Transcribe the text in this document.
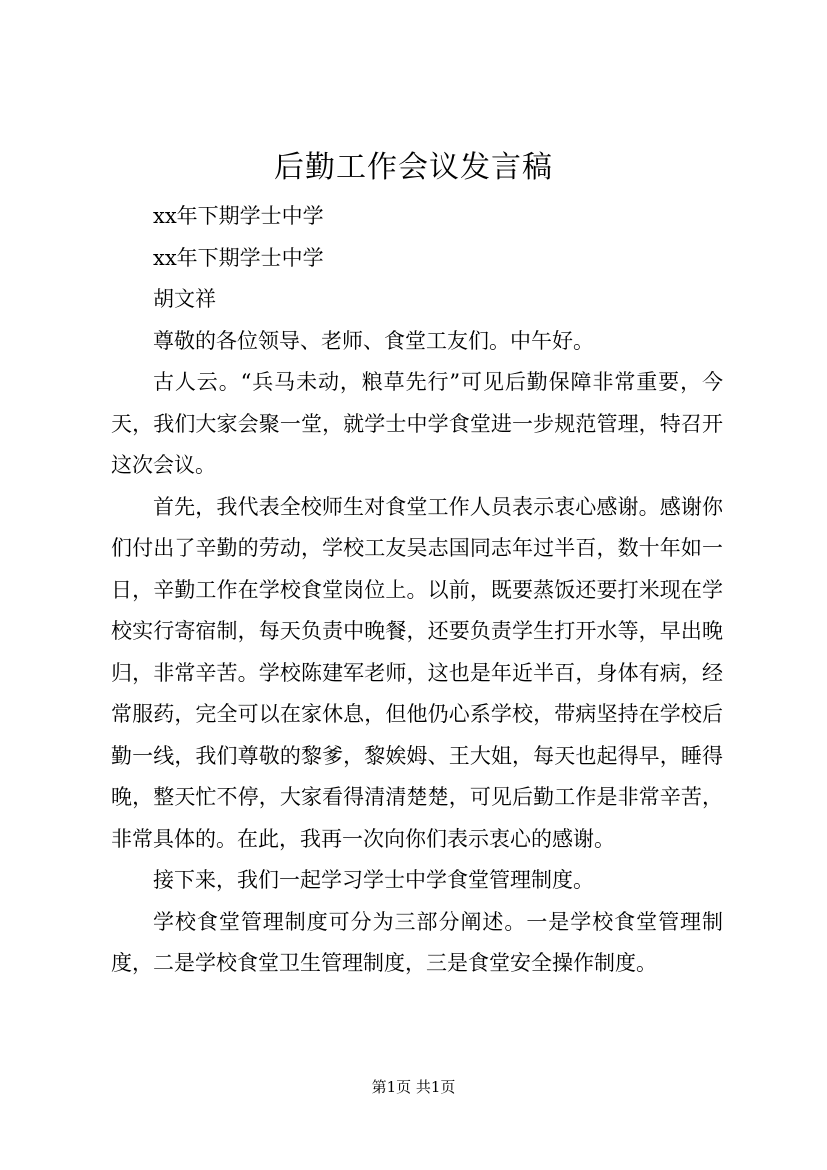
后勤工作会议发言稿

xx年下期学士中学

xx年下期学士中学

胡文祥

尊敬的各位领导、老师、食堂工友们。中午好。

古人云。“兵马未动，粮草先行”可见后勤保障非常重要，今天，我们大家会聚一堂，就学士中学食堂进一步规范管理，特召开这次会议。

首先，我代表全校师生对食堂工作人员表示衷心感谢。感谢你们付出了辛勤的劳动，学校工友吴志国同志年过半百，数十年如一日，辛勤工作在学校食堂岗位上。以前，既要蒸饭还要打米现在学校实行寄宿制，每天负责中晚餐，还要负责学生打开水等，早出晚归，非常辛苦。学校陈建军老师，这也是年近半百，身体有病，经常服药，完全可以在家休息，但他仍心系学校，带病坚持在学校后勤一线，我们尊敬的黎爹，黎娭姆、王大姐，每天也起得早，睡得晚，整天忙不停，大家看得清清楚楚，可见后勤工作是非常辛苦，非常具体的。在此，我再一次向你们表示衷心的感谢。

接下来，我们一起学习学士中学食堂管理制度。

学校食堂管理制度可分为三部分阐述。一是学校食堂管理制度，二是学校食堂卫生管理制度，三是食堂安全操作制度。

第1页 共1页
